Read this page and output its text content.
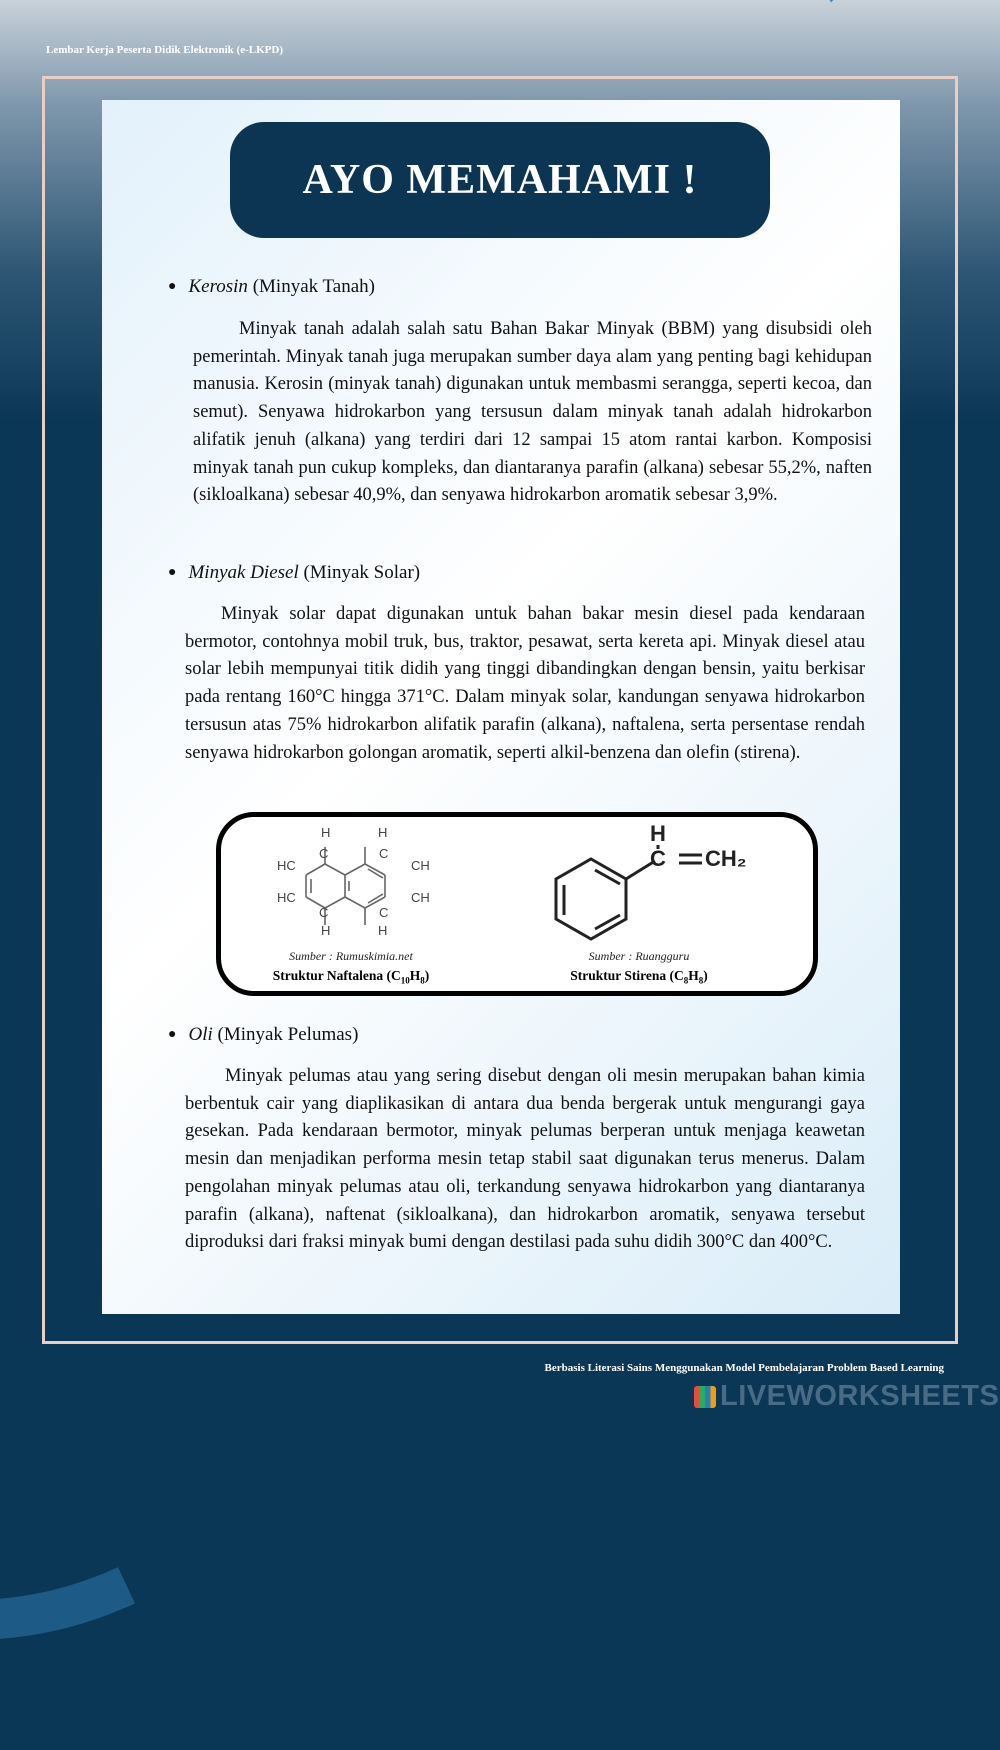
Lembar Kerja Peserta Didik Elektronik (e-LKPD)
AYO MEMAHAMI !
● Kerosin (Minyak Tanah)

Minyak tanah adalah salah satu Bahan Bakar Minyak (BBM) yang disubsidi oleh pemerintah. Minyak tanah juga merupakan sumber daya alam yang penting bagi kehidupan manusia. Kerosin (minyak tanah) digunakan untuk membasmi serangga, seperti kecoa, dan semut). Senyawa hidrokarbon yang tersusun dalam minyak tanah adalah hidrokarbon alifatik jenuh (alkana) yang terdiri dari 12 sampai 15 atom rantai karbon. Komposisi minyak tanah pun cukup kompleks, dan diantaranya parafin (alkana) sebesar 55,2%, naften (sikloalkana) sebesar 40,9%, dan senyawa hidrokarbon aromatik sebesar 3,9%.

● Minyak Diesel (Minyak Solar)

Minyak solar dapat digunakan untuk bahan bakar mesin diesel pada kendaraan bermotor, contohnya mobil truk, bus, traktor, pesawat, serta kereta api. Minyak diesel atau solar lebih mempunyai titik didih yang tinggi dibandingkan dengan bensin, yaitu berkisar pada rentang 160°C hingga 371°C. Dalam minyak solar, kandungan senyawa hidrokarbon tersusun atas 75% hidrokarbon alifatik parafin (alkana), naftalena, serta persentase rendah senyawa hidrokarbon golongan aromatik, seperti alkil-benzena dan olefin (stirena).

H	H
C	C
HC
HC
CH
CH
C	C
H	H
H
C CH₂
Sumber : Rumuskimia.net
Struktur Naftalena $(C_{10}H_8)$
Sumber : Ruangguru
Struktur Stirena $(C_8H_8)$
● Oli (Minyak Pelumas)

Minyak pelumas atau yang sering disebut dengan oli mesin merupakan bahan kimia berbentuk cair yang diaplikasikan di antara dua benda bergerak untuk mengurangi gaya gesekan. Pada kendaraan bermotor, minyak pelumas berperan untuk menjaga keawetan mesin dan menjadikan performa mesin tetap stabil saat digunakan terus menerus. Dalam pengolahan minyak pelumas atau oli, terkandung senyawa hidrokarbon yang diantaranya parafin (alkana), naftenat (sikloalkana), dan hidrokarbon aromatik, senyawa tersebut diproduksi dari fraksi minyak bumi dengan destilasi pada suhu didih 300°C dan 400°C.

Berbasis Literasi Sains Menggunakan Model Pembelajaran Problem Based Learning
LIVEWORKSHEETS
